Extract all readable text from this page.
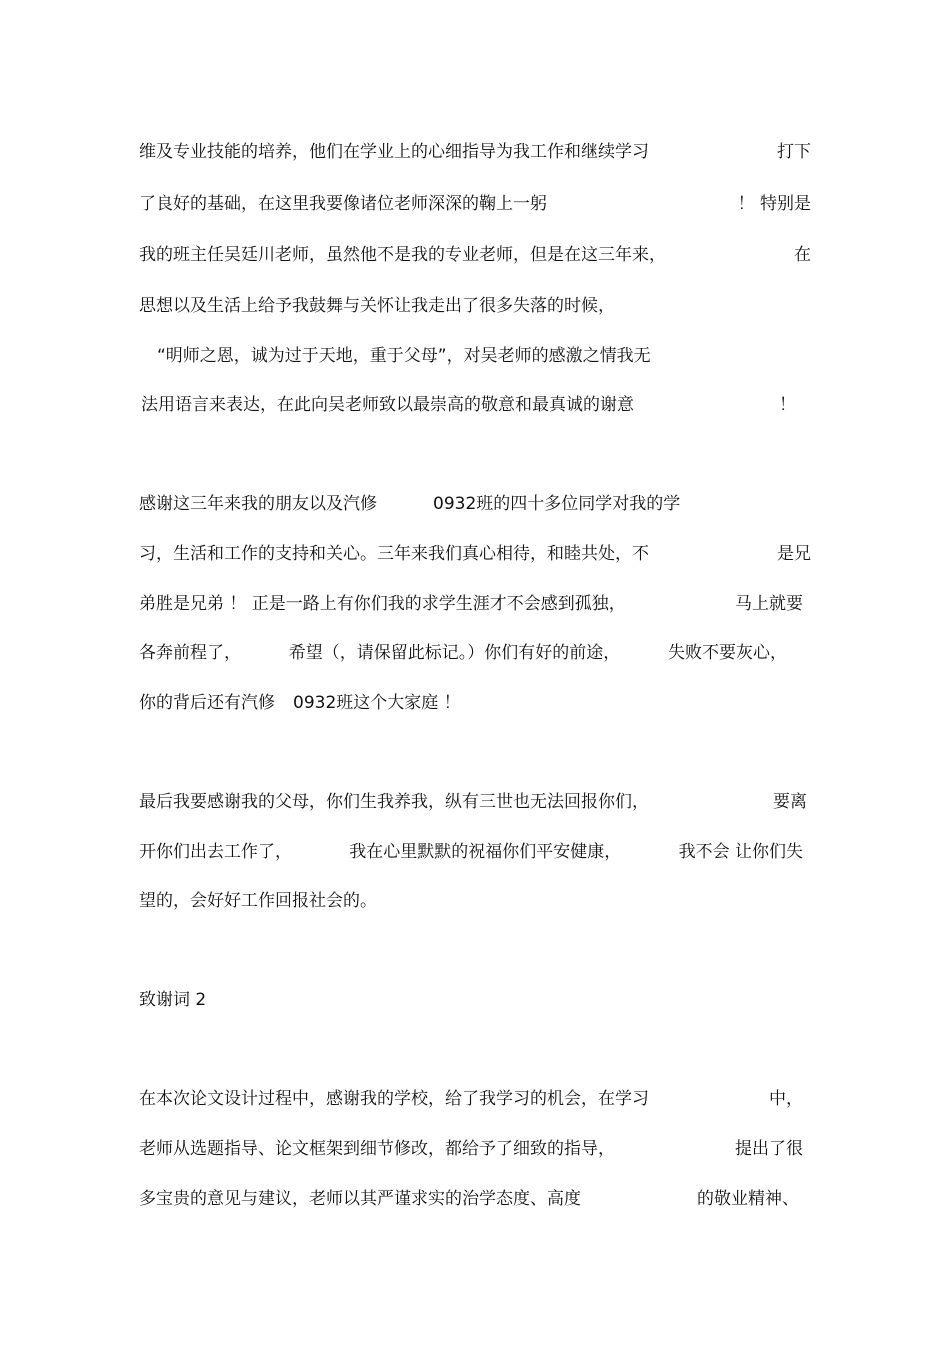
维及专业技能的培养，他们在学业上的心细指导为我工作和继续学习	打下
了良好的基础，在这里我要像诸位老师深深的鞠上一躬	！ 特别是
我的班主任吴廷川老师，虽然他不是我的专业老师，但是在这三年来，	在
思想以及生活上给予我鼓舞与关怀让我走出了很多失落的时候，
“明师之恩，诚为过于天地，重于父母”，对吴老师的感激之情我无
法用语言来表达，在此向吴老师致以最崇高的敬意和最真诚的谢意	！
感谢这三年来我的朋友以及汽修	0932班的四十多位同学对我的学
习，生活和工作的支持和关心。三年来我们真心相待，和睦共处，不	是兄
弟胜是兄弟 ！ 正是一路上有你们我的求学生涯才不会感到孤独，	马上就要
各奔前程了，	希望（，请保留此标记。）你们有好的前途，	失败不要灰心，
你的背后还有汽修 0932班这个大家庭 ！
最后我要感谢我的父母，你们生我养我，纵有三世也无法回报你们，	要离
开你们出去工作了，	我在心里默默的祝福你们平安健康，	我不会 让你们失
望的，会好好工作回报社会的。
致谢词 2
在本次论文设计过程中，感谢我的学校，给了我学习的机会，在学习	中，
老师从选题指导、论文框架到细节修改，都给予了细致的指导，	提出了很
多宝贵的意见与建议，老师以其严谨求实的治学态度、高度	的敬业精神、
